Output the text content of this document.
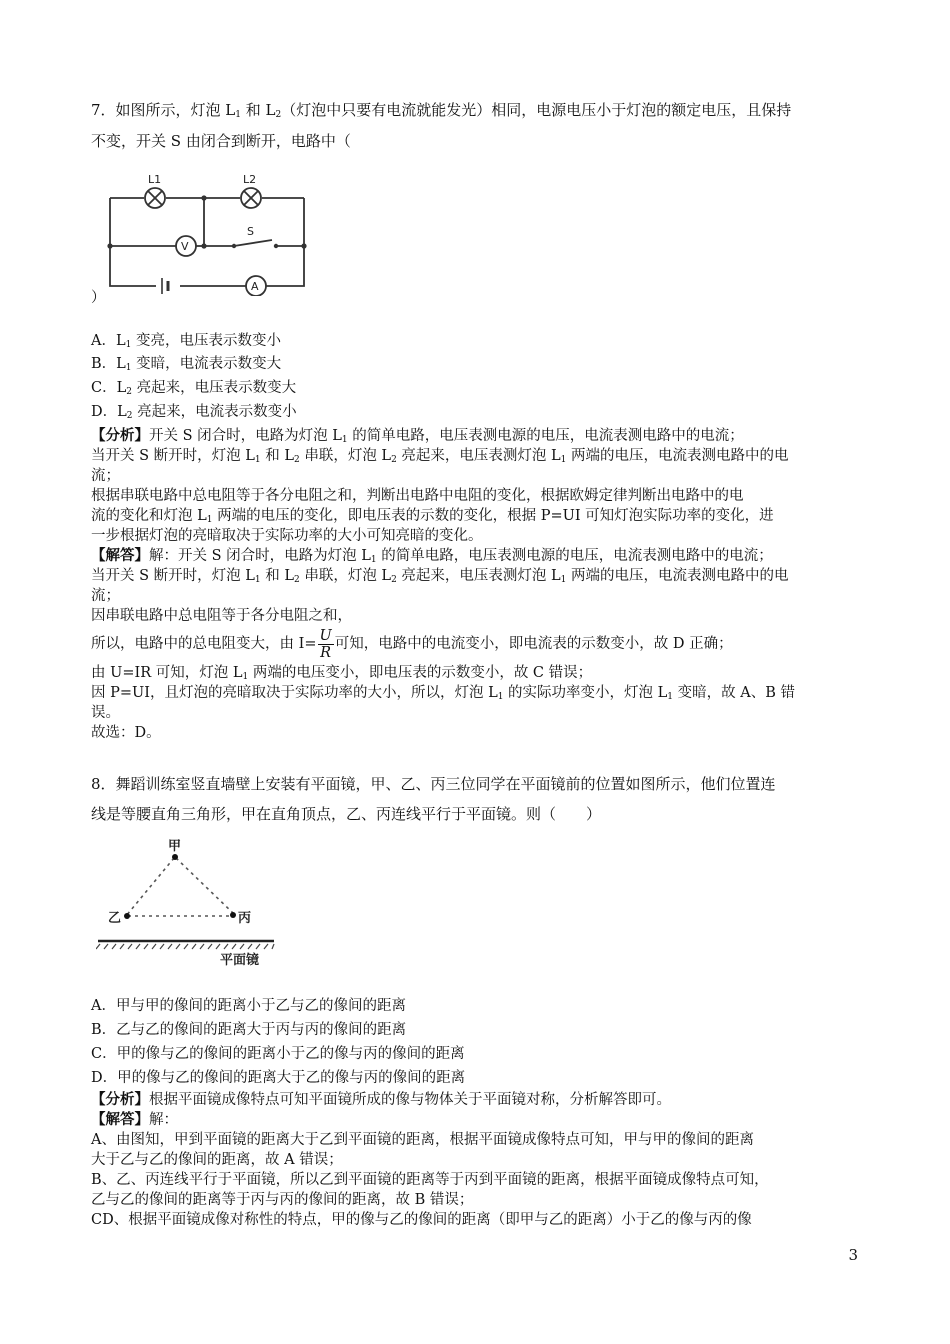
7．如图所示，灯泡 $L_1$ 和 $L_2$（灯泡中只要有电流就能发光）相同，电源电压小于灯泡的额定电压，且保持
不变，开关 S 由闭合到断开，电路中（
L1	L2
V
S
A
）
A．$L_1$ 变亮，电压表示数变小
B．$L_1$ 变暗，电流表示数变大
C．$L_2$ 亮起来，电压表示数变大
D．$L_2$ 亮起来，电流表示数变小
【分析】开关 S 闭合时，电路为灯泡 $L_1$ 的简单电路，电压表测电源的电压，电流表测电路中的电流；
当开关 S 断开时，灯泡 $L_1$ 和 $L_2$ 串联，灯泡 $L_2$ 亮起来，电压表测灯泡 $L_1$ 两端的电压，电流表测电路中的电
流；
根据串联电路中总电阻等于各分电阻之和，判断出电路中电阻的变化，根据欧姆定律判断出电路中的电
流的变化和灯泡 $L_1$ 两端的电压的变化，即电压表的示数的变化，根据 P=UI 可知灯泡实际功率的变化，进
一步根据灯泡的亮暗取决于实际功率的大小可知亮暗的变化。
【解答】解：开关 S 闭合时，电路为灯泡 $L_1$ 的简单电路，电压表测电源的电压，电流表测电路中的电流；
当开关 S 断开时，灯泡 $L_1$ 和 $L_2$ 串联，灯泡 $L_2$ 亮起来，电压表测灯泡 $L_1$ 两端的电压，电流表测电路中的电
流；
因串联电路中总电阻等于各分电阻之和，
所以，电路中的总电阻变大，由 $I= \frac{U}{R}$ 可知，电路中的电流变小，即电流表的示数变小，故 D 正确；
由 U=IR 可知，灯泡 $L_1$ 两端的电压变小，即电压表的示数变小，故 C 错误；
因 P=UI，且灯泡的亮暗取决于实际功率的大小，所以，灯泡 $L_1$ 的实际功率变小，灯泡 $L_1$ 变暗，故 A、B 错
误。
故选：D。
8．舞蹈训练室竖直墙壁上安装有平面镜，甲、乙、丙三位同学在平面镜前的位置如图所示，他们位置连
线是等腰直角三角形，甲在直角顶点，乙、丙连线平行于平面镜。则（　　）
甲
乙	丙
平面镜
A．甲与甲的像间的距离小于乙与乙的像间的距离
B．乙与乙的像间的距离大于丙与丙的像间的距离
C．甲的像与乙的像间的距离小于乙的像与丙的像间的距离
D．甲的像与乙的像间的距离大于乙的像与丙的像间的距离
【分析】根据平面镜成像特点可知平面镜所成的像与物体关于平面镜对称，分析解答即可。
【解答】解：
A、由图知，甲到平面镜的距离大于乙到平面镜的距离，根据平面镜成像特点可知，甲与甲的像间的距离
大于乙与乙的像间的距离，故 A 错误；
B、乙、丙连线平行于平面镜，所以乙到平面镜的距离等于丙到平面镜的距离，根据平面镜成像特点可知，
乙与乙的像间的距离等于丙与丙的像间的距离，故 B 错误；
CD、根据平面镜成像对称性的特点，甲的像与乙的像间的距离（即甲与乙的距离）小于乙的像与丙的像
3
